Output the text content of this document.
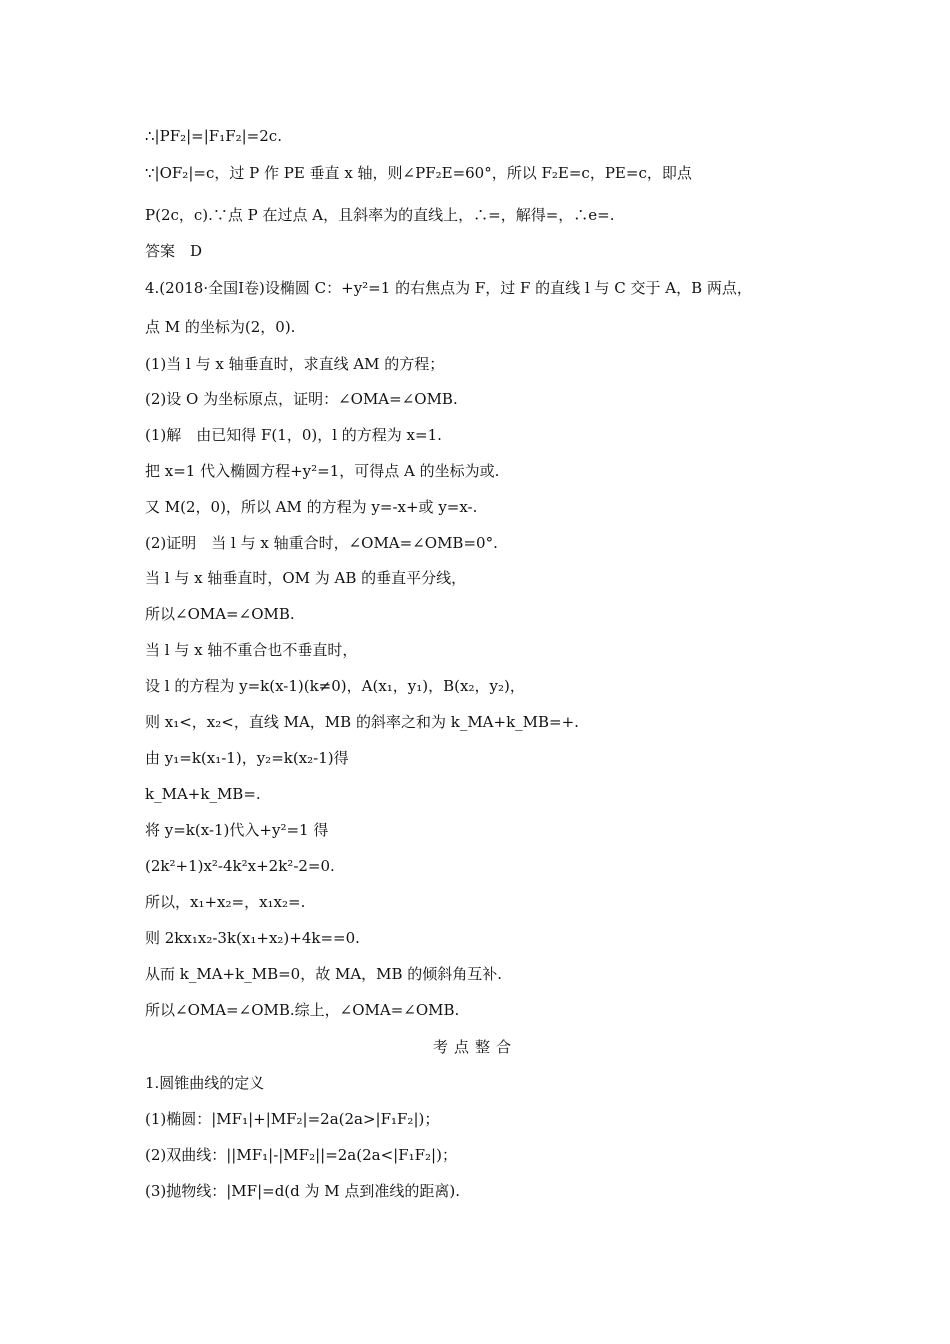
∴|PF₂|=|F₁F₂|=2c.
∵|OF₂|=c，过 P 作 PE 垂直 x 轴，则∠PF₂E=60°，所以 F₂E=c，PE=c，即点
P(2c，c).∵点 P 在过点 A，且斜率为的直线上，∴=，解得=，∴e=.
答案　D
4.(2018·全国Ⅰ卷)设椭圆 C：+y²=1 的右焦点为 F，过 F 的直线 l 与 C 交于 A，B 两点，
点 M 的坐标为(2，0).
(1)当 l 与 x 轴垂直时，求直线 AM 的方程；
(2)设 O 为坐标原点，证明：∠OMA=∠OMB.
(1)解　由已知得 F(1，0)，l 的方程为 x=1.
把 x=1 代入椭圆方程+y²=1，可得点 A 的坐标为或.
又 M(2，0)，所以 AM 的方程为 y=-x+或 y=x-.
(2)证明　当 l 与 x 轴重合时，∠OMA=∠OMB=0°.
当 l 与 x 轴垂直时，OM 为 AB 的垂直平分线，
所以∠OMA=∠OMB.
当 l 与 x 轴不重合也不垂直时，
设 l 的方程为 y=k(x-1)(k≠0)，A(x₁，y₁)，B(x₂，y₂)，
则 x₁<，x₂<，直线 MA，MB 的斜率之和为 k_MA+k_MB=+.
由 y₁=k(x₁-1)，y₂=k(x₂-1)得
k_MA+k_MB=.
将 y=k(x-1)代入+y²=1 得
(2k²+1)x²-4k²x+2k²-2=0.
所以，x₁+x₂=，x₁x₂=.
则 2kx₁x₂-3k(x₁+x₂)+4k==0.
从而 k_MA+k_MB=0，故 MA，MB 的倾斜角互补.
所以∠OMA=∠OMB.综上，∠OMA=∠OMB.
考点整合
1.圆锥曲线的定义
(1)椭圆：|MF₁|+|MF₂|=2a(2a>|F₁F₂|)；
(2)双曲线：||MF₁|-|MF₂||=2a(2a<|F₁F₂|)；
(3)抛物线：|MF|=d(d 为 M 点到准线的距离).
